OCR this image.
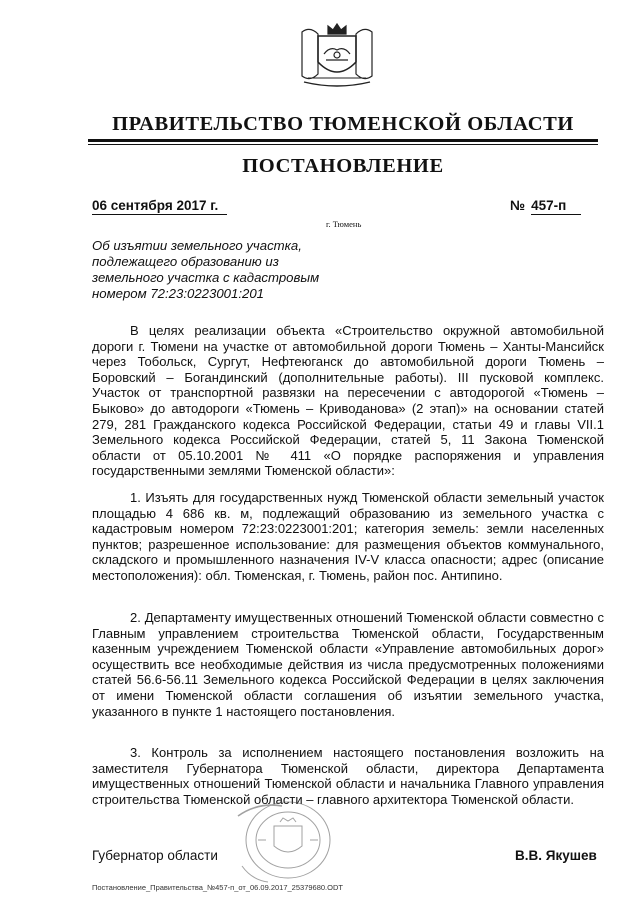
ПРАВИТЕЛЬСТВО ТЮМЕНСКОЙ ОБЛАСТИ
ПОСТАНОВЛЕНИЕ
06 сентября 2017 г.	№ 457-п
г. Тюмень
Об изъятии земельного участка,
подлежащего образованию из
земельного участка с кадастровым
номером 72:23:0223001:201

В целях реализации объекта «Строительство окружной автомобильной дороги г. Тюмени на участке от автомобильной дороги Тюмень – Ханты-Мансийск через Тобольск, Сургут, Нефтеюганск до автомобильной дороги Тюмень – Боровский – Богандинский (дополнительные работы). III пусковой комплекс. Участок от транспортной развязки на пересечении с автодорогой «Тюмень – Быково» до автодороги «Тюмень – Криводанова» (2 этап)» на основании статей 279, 281 Гражданского кодекса Российской Федерации, статьи 49 и главы VII.1 Земельного кодекса Российской Федерации, статей 5, 11 Закона Тюменской области от 05.10.2001 № 411 «О порядке распоряжения и управления государственными землями Тюменской области»:

1. Изъять для государственных нужд Тюменской области земельный участок площадью 4 686 кв. м, подлежащий образованию из земельного участка с кадастровым номером 72:23:0223001:201; категория земель: земли населенных пунктов; разрешенное использование: для размещения объектов коммунального, складского и промышленного назначения IV-V класса опасности; адрес (описание местоположения): обл. Тюменская, г. Тюмень, район пос. Антипино.

2. Департаменту имущественных отношений Тюменской области совместно с Главным управлением строительства Тюменской области, Государственным казенным учреждением Тюменской области «Управление автомобильных дорог» осуществить все необходимые действия из числа предусмотренных положениями статей 56.6-56.11 Земельного кодекса Российской Федерации в целях заключения от имени Тюменской области соглашения об изъятии земельного участка, указанного в пункте 1 настоящего постановления.

3. Контроль за исполнением настоящего постановления возложить на заместителя Губернатора Тюменской области, директора Департамента имущественных отношений Тюменской области и начальника Главного управления строительства Тюменской области – главного архитектора Тюменской области.

Губернатор области	В.В. Якушев
Постановление_Правительства_№457-п_от_06.09.2017_25379680.ODT
